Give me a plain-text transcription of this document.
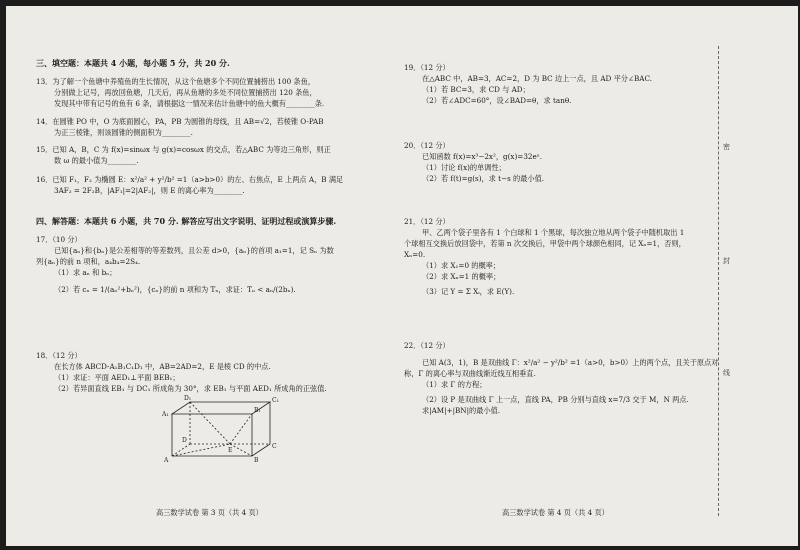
三、填空题：本题共 4 小题，每小题 5 分，共 20 分.
13．为了解一个鱼塘中养殖鱼的生长情况，从这个鱼塘多个不同位置捕捞出 100 条鱼，
分别做上记号，再放回鱼塘，几天后，再从鱼塘的多处不同位置捕捞出 120 条鱼，
发现其中带有记号的鱼有 6 条，请根据这一情况来估计鱼塘中的鱼大概有________条.
14．在圆锥 PO 中，O 为底面圆心，PA，PB 为圆锥的母线，且 AB=√2，若棱锥 O-PAB
为正三棱锥，则该圆锥的侧面积为________.
15．已知 A，B，C 为 f(x)=sinωx 与 g(x)=cosωx 的交点，若△ABC 为等边三角形，则正
数 ω 的最小值为________.
16．已知 F₁，F₂ 为椭圆 E：x²/a² + y²/b² =1（a>b>0）的左、右焦点，E 上两点 A，B 满足
3AF₂ = 2F₂B，|AF₁|=2|AF₂|，则 E 的离心率为________.
四、解答题：本题共 6 小题，共 70 分. 解答应写出文字说明、证明过程或演算步骤.
17．（10 分）
已知{aₙ}和{bₙ}是公差相等的等差数列，且公差 d>0，{aₙ}的首项 a₁=1，记 Sₙ 为数
列{aₙ}的前 n 项和，a₄b₄=2S₄.
（1）求 aₙ 和 bₙ；
（2）若 cₙ = 1/(aₙ²+bₙ²)，{cₙ}的前 n 项和为 Tₙ，求证：Tₙ < aₙ/(2bₙ).
18．（12 分）
在长方体 ABCD-A₁B₁C₁D₁ 中，AB=2AD=2，E 是棱 CD 的中点.
（1）求证：平面 AED₁⊥平面 BEB₁；
（2）若异面直线 EB₁ 与 DC₁ 所成角为 30°，求 EB₁ 与平面 AED₁ 所成角的正弦值.
A₁
B₁
C₁
D₁
A	B
C
D
E
高三数学试卷 第 3 页（共 4 页）
19．（12 分）
在△ABC 中，AB=3，AC=2，D 为 BC 边上一点，且 AD 平分∠BAC.
（1）若 BC=3，求 CD 与 AD；
（2）若∠ADC=60°，设∠BAD=θ，求 tanθ.
20．（12 分）
已知函数 f(x)=x³−2x²，g(x)=32eˣ.
（1）讨论 f(x)的单调性；
（2）若 f(t)=g(s)，求 t−s 的最小值.
21．（12 分）
甲、乙两个袋子里各有 1 个白球和 1 个黑球，每次独立地从两个袋子中随机取出 1
个球相互交换后放回袋中，若第 n 次交换后，甲袋中两个球颜色相同，记 Xₙ=1，否则，
Xₙ=0.
（1）求 X₁=0 的概率；
（2）求 Xₙ=1 的概率；
（3）记 Y = Σ Xᵢ，求 E(Y).
22．（12 分）
已知 A(3，1)，B 是双曲线 Γ：x²/a² − y²/b² =1（a>0，b>0）上的两个点，且关于原点对
称，Γ 的离心率与双曲线渐近线互相垂直.
（1）求 Γ 的方程；
（2）设 P 是双曲线 Γ 上一点，直线 PA，PB 分别与直线 x=7/3 交于 M，N 两点.
求|AM|+|BN|的最小值.
高三数学试卷 第 4 页（共 4 页）
密
封
线
